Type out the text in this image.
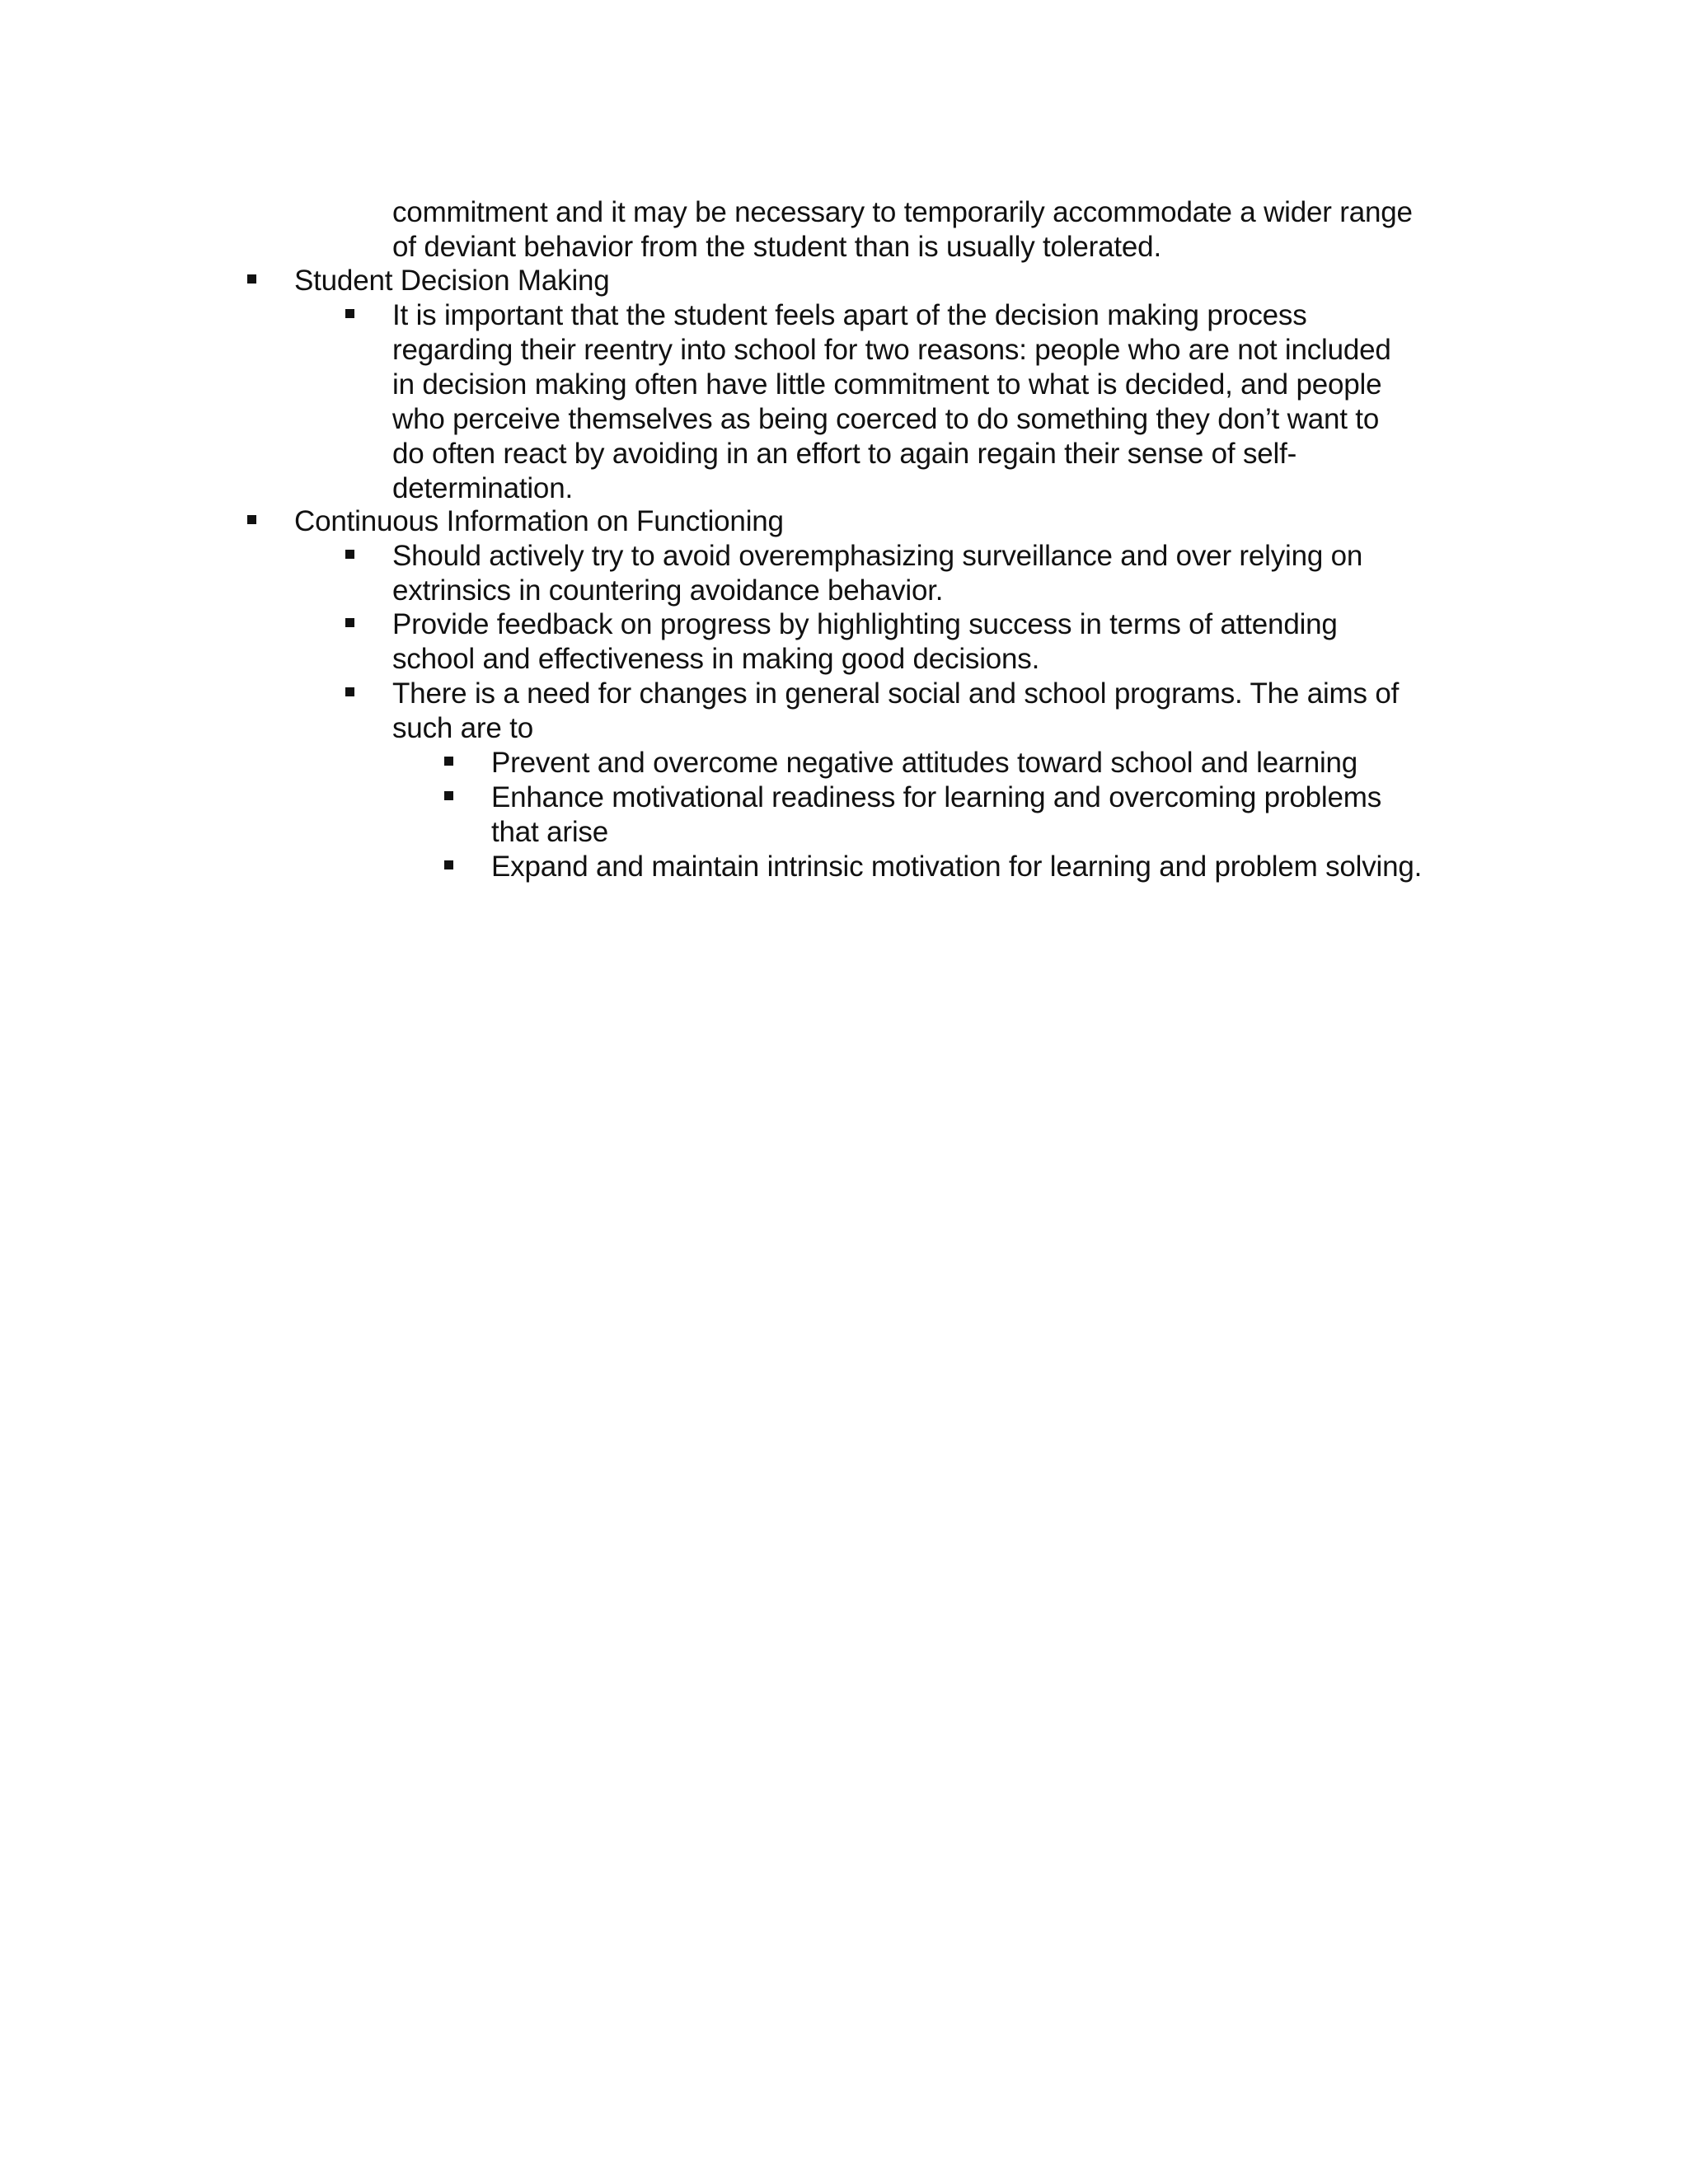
commitment and it may be necessary to temporarily accommodate a wider range
of deviant behavior from the student than is usually tolerated.
Student Decision Making
It is important that the student feels apart of the decision making process
regarding their reentry into school for two reasons: people who are not included
in decision making often have little commitment to what is decided, and people
who perceive themselves as being coerced to do something they don’t want to
do often react by avoiding in an effort to again regain their sense of self-
determination.
Continuous Information on Functioning
Should actively try to avoid overemphasizing surveillance and over relying on
extrinsics in countering avoidance behavior.
Provide feedback on progress by highlighting success in terms of attending
school and effectiveness in making good decisions.
There is a need for changes in general social and school programs. The aims of
such are to
Prevent and overcome negative attitudes toward school and learning
Enhance motivational readiness for learning and overcoming problems
that arise
Expand and maintain intrinsic motivation for learning and problem solving.
